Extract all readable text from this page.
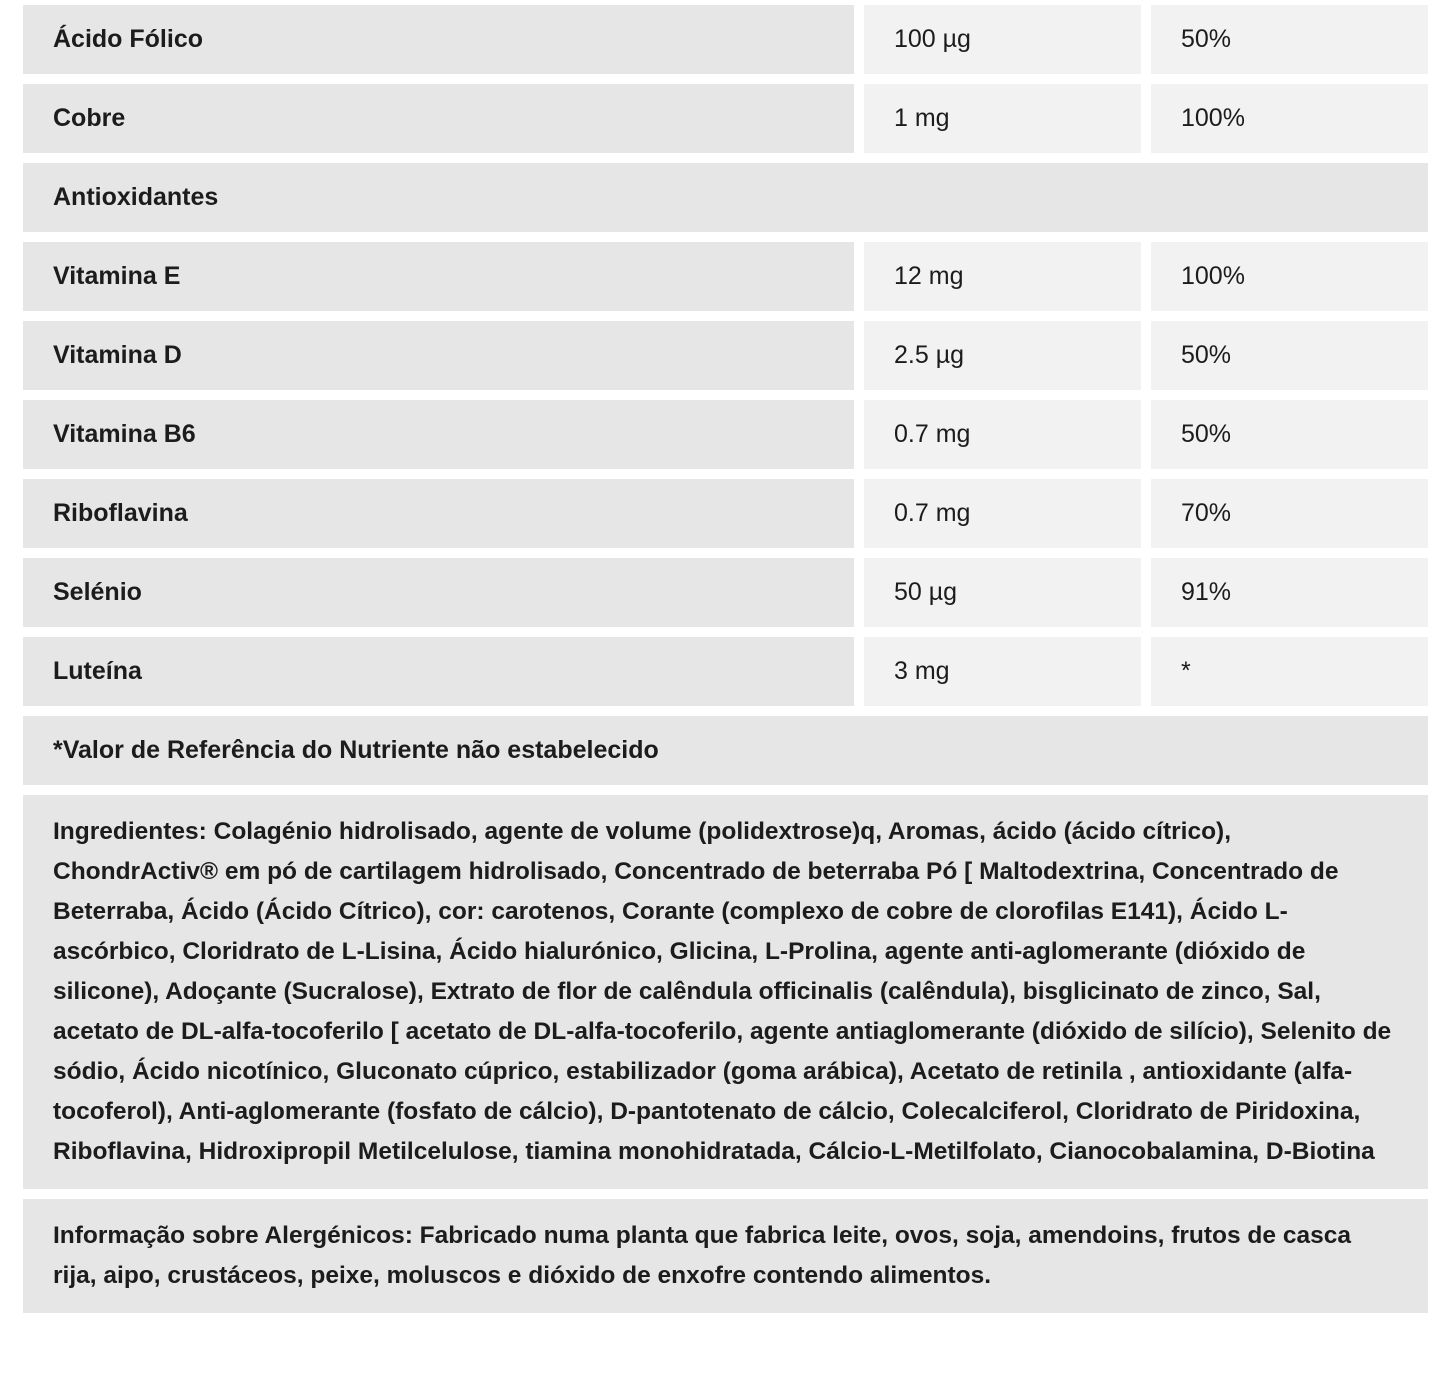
Ácido Fólico	100 µg	50%
Cobre	1 mg	100%
Antioxidantes
Vitamina E	12 mg	100%
Vitamina D	2.5 µg	50%
Vitamina B6	0.7 mg	50%
Riboflavina	0.7 mg	70%
Selénio	50 µg	91%
Luteína	3 mg	*
*Valor de Referência do Nutriente não estabelecido
Ingredientes: Colagénio hidrolisado, agente de volume (polidextrose)q, Aromas, ácido (ácido cítrico), ChondrActiv® em pó de cartilagem hidrolisado, Concentrado de beterraba Pó [ Maltodextrina, Concentrado de Beterraba, Ácido (Ácido Cítrico), cor: carotenos, Corante (complexo de cobre de clorofilas E141), Ácido L-ascórbico, Cloridrato de L-Lisina, Ácido hialurónico, Glicina, L-Prolina, agente anti-aglomerante (dióxido de silicone), Adoçante (Sucralose), Extrato de flor de calêndula officinalis (calêndula), bisglicinato de zinco, Sal, acetato de DL-alfa-tocoferilo [ acetato de DL-alfa-tocoferilo, agente antiaglomerante (dióxido de silício), Selenito de sódio, Ácido nicotínico, Gluconato cúprico, estabilizador (goma arábica), Acetato de retinila , antioxidante (alfa-tocoferol), Anti-aglomerante (fosfato de cálcio), D-pantotenato de cálcio, Colecalciferol, Cloridrato de Piridoxina, Riboflavina, Hidroxipropil Metilcelulose, tiamina monohidratada, Cálcio-L-Metilfolato, Cianocobalamina, D-Biotina
Informação sobre Alergénicos: Fabricado numa planta que fabrica leite, ovos, soja, amendoins, frutos de casca rija, aipo, crustáceos, peixe, moluscos e dióxido de enxofre contendo alimentos.
